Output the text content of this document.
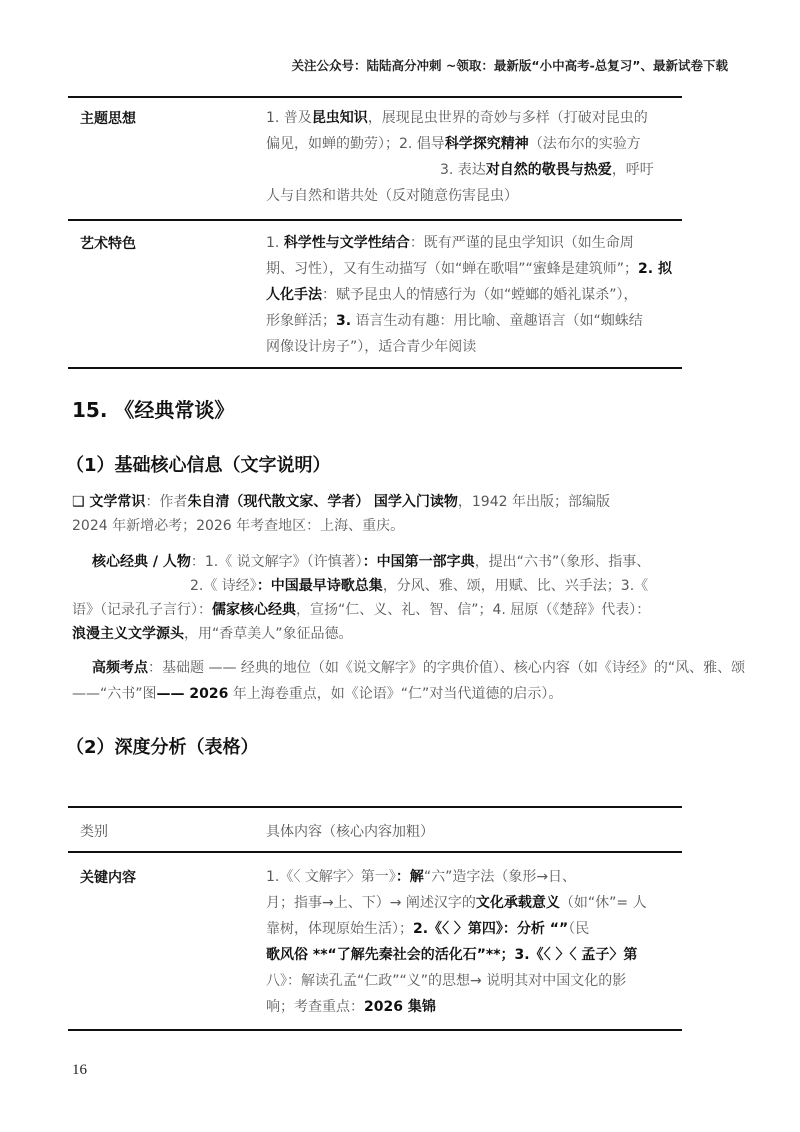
关注公众号：陆陆高分冲刺 ~领取：最新版“小中高考-总复习”、最新试卷下载
主题思想	1. 普及昆虫知识，展现昆虫世界的奇妙与多样（打破对昆虫的
偏见，如蝉的勤劳）；2. 倡导科学探究精神（法布尔的实验方
3. 表达对自然的敬畏与热爱，呼吁
人与自然和谐共处（反对随意伤害昆虫）
艺术特色	1. 科学性与文学性结合：既有严谨的昆虫学知识（如生命周
期、习性），又有生动描写（如“蝉在歌唱”“蜜蜂是建筑师”；2. 拟
人化手法：赋予昆虫人的情感行为（如“螳螂的婚礼谋杀”），
形象鲜活；3. 语言生动有趣：用比喻、童趣语言（如“蜘蛛结
网像设计房子”），适合青少年阅读
15. 《经典常谈》
（1）基础核心信息（文字说明）
❑ 文学常识：作者朱自清（现代散文家、学者） 国学入门读物，1942 年出版；部编版
2024 年新增必考；2026 年考查地区：上海、重庆。
核心经典 / 人物：1.《 说文解字》（许慎著）：中国第一部字典，提出“六书”（象形、指事、
2.《 诗经》：中国最早诗歌总集，分风、雅、颂，用赋、比、兴手法；3.《
语》（记录孔子言行）：儒家核心经典，宣扬“仁、义、礼、智、信”；4. 屈原（《楚辞》代表）：
浪漫主义文学源头，用“香草美人”象征品德。
高频考点：基础题 —— 经典的地位（如《说文解字》的字典价值）、核心内容（如《诗经》的“风、雅、颂
——“六书”图—— 2026 年上海卷重点，如《论语》“仁”对当代道德的启示）。
（2）深度分析（表格）
类别	具体内容（核心内容加粗）
关键内容	1.《〈 文解字〉第一》：解“六”造字法（象形→日、
月；指事→上、下）→ 阐述汉字的文化承载意义（如“休”= 人
靠树，体现原始生活）；2.《〈 〉第四》：分析 “”（民
歌风俗 **“了解先秦社会的活化石”**；3.《〈 〉〈 孟子〉第
八》：解读孔孟“仁政”“义”的思想→ 说明其对中国文化的影
响；考查重点：2026 集锦
16
